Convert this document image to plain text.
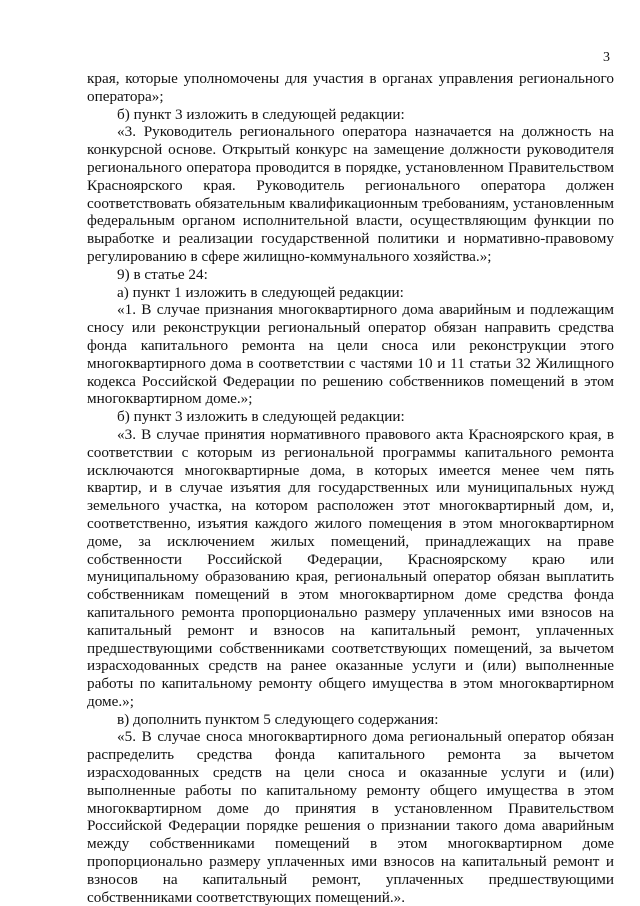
3

края, которые уполномочены для участия в органах управления регионального оператора»;

б) пункт 3 изложить в следующей редакции:

«3. Руководитель регионального оператора назначается на должность на конкурсной основе. Открытый конкурс на замещение должности руководителя регионального оператора проводится в порядке, установленном Правительством Красноярского края. Руководитель регионального оператора должен соответствовать обязательным квалификационным требованиям, установленным федеральным органом исполнительной власти, осуществляющим функции по выработке и реализации государственной политики и нормативно-правовому регулированию в сфере жилищно-коммунального хозяйства.»;

9) в статье 24:

а) пункт 1 изложить в следующей редакции:

«1. В случае признания многоквартирного дома аварийным и подлежащим сносу или реконструкции региональный оператор обязан направить средства фонда капитального ремонта на цели сноса или реконструкции этого многоквартирного дома в соответствии с частями 10 и 11 статьи 32 Жилищного кодекса Российской Федерации по решению собственников помещений в этом многоквартирном доме.»;

б) пункт 3 изложить в следующей редакции:

«3. В случае принятия нормативного правового акта Красноярского края, в соответствии с которым из региональной программы капитального ремонта исключаются многоквартирные дома, в которых имеется менее чем пять квартир, и в случае изъятия для государственных или муниципальных нужд земельного участка, на котором расположен этот многоквартирный дом, и, соответственно, изъятия каждого жилого помещения в этом многоквартирном доме, за исключением жилых помещений, принадлежащих на праве собственности Российской Федерации, Красноярскому краю или муниципальному образованию края, региональный оператор обязан выплатить собственникам помещений в этом многоквартирном доме средства фонда капитального ремонта пропорционально размеру уплаченных ими взносов на капитальный ремонт и взносов на капитальный ремонт, уплаченных предшествующими собственниками соответствующих помещений, за вычетом израсходованных средств на ранее оказанные услуги и (или) выполненные работы по капитальному ремонту общего имущества в этом многоквартирном доме.»;

в) дополнить пунктом 5 следующего содержания:

«5. В случае сноса многоквартирного дома региональный оператор обязан распределить средства фонда капитального ремонта за вычетом израсходованных средств на цели сноса и оказанные услуги и (или) выполненные работы по капитальному ремонту общего имущества в этом многоквартирном доме до принятия в установленном Правительством Российской Федерации порядке решения о признании такого дома аварийным между собственниками помещений в этом многоквартирном доме пропорционально размеру уплаченных ими взносов на капитальный ремонт и взносов на капитальный ремонт, уплаченных предшествующими собственниками соответствующих помещений.».
